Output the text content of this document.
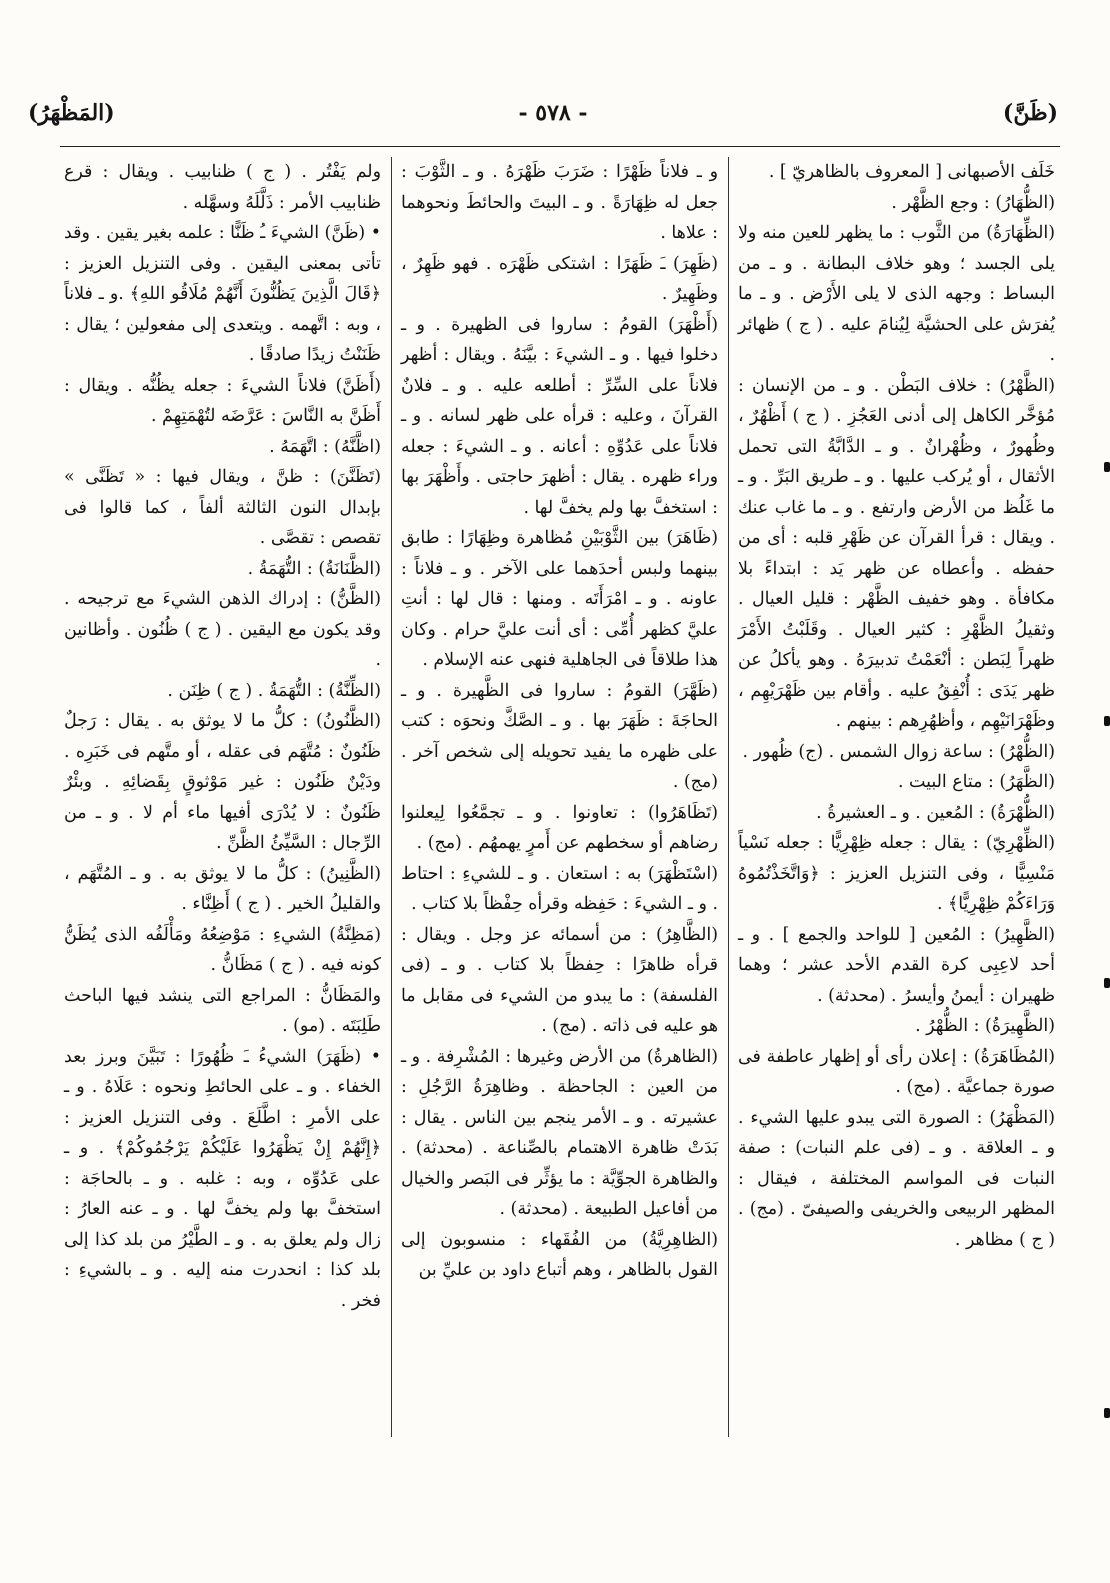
(ظَنَّ)
- ٥٧٨ -
(المَظْهَرُ)

ولم يَفْتُر . ( ج ) ظنابيب . ويقال : قرع ظنابيب الأمر : ذَلَّلَهُ وسهَّله .

• (ظَنَّ) الشيءَ ـُ ظَنًّا : علمه بغير يقين . وقد تأتى بمعنى اليقين . وفى التنزيل العزيز : ﴿قَالَ الَّذِينَ يَظُنُّونَ أَنَّهُمْ مُلَاقُو اللهِ﴾ .و ـ فلاناً ، وبه : اتَّهمه . ويتعدى إلى مفعولين ؛ يقال : ظَنَنْتُ زيدًا صادقًا .

(أَظَنَّ) فلاناً الشيءَ : جعله يظُنُّه . ويقال : أَظَنَّ به النَّاسَ : عَرَّضَه لتُهْمَتِهِمْ .

(اظَّنَّهُ) : اتَّهَمَهُ .

(تَظَنَّنَ) : ظنَّ ، ويقال فيها : « تَظَنَّى » بإبدال النون الثالثة ألفاً ، كما قالوا فى تقصص : تقصَّى .

(الظَّنَانَةُ) : التُّهَمَةُ .

(الظَّنُّ) : إدراك الذهن الشيءَ مع ترجيحه . وقد يكون مع اليقين . ( ج ) ظُنُون . وأظانين .

(الظِّنَّةُ) : التُّهَمَةُ . ( ج ) ظِنَن .

(الظَّنُونُ) : كلُّ ما لا يوثق به . يقال : رَجلٌ ظَنُونٌ : مُتَّهَم فى عقله ، أو متَّهم فى خَبَرِه . ودَيْنٌ ظَنُون : غير مَوْثوقٍ بِقَضائِهِ . وبئْرٌ ظَنُونٌ : لا يُدْرَى أفيها ماء أم لا . و ـ من الرِّجال : السَّيِّئُ الظَّنِّ .

(الظَّنِينُ) : كلُّ ما لا يوثق به . و ـ المُتَّهَم ، والقليلُ الخير . ( ج ) أَظِنَّاء .

(مَظِنَّةُ) الشيءِ : مَوْضِعُهُ ومَأْلَفُه الذى يُظَنُّ كونه فيه . ( ج ) مَظَانُّ .

والمَظَانُّ : المراجع التى ينشد فيها الباحث طَلِبَتَه . (مو) .

• (ظَهَرَ) الشيءُ ـَ ظُهُورًا : تَبَيَّنَ وبرز بعد الخفاء . و ـ على الحائطِ ونحوه : عَلَاهُ . و ـ على الأمرِ : اطَّلَعَ . وفى التنزيل العزيز : ﴿إِنَّهُمْ إِنْ يَظْهَرُوا عَلَيْكُمْ يَرْجُمُوكُمْ﴾ . و ـ على عَدُوِّه ، وبه : غلبه . و ـ بالحاجَة : استخفَّ بها ولم يخفَّ لها . و ـ عنه العارُ : زال ولم يعلق به . و ـ الطَّيْرُ من بلد كذا إلى بلد كذا : انحدرت منه إليه . و ـ بالشيءِ : فخر .

و ـ فلاناً ظَهْرًا : ضَرَبَ ظَهْرَهُ . و ـ الثَّوْبَ : جعل له ظِهَارَةً . و ـ البيتَ والحائطَ ونحوهما : علاها .

(ظَهِرَ) ـَ ظَهَرًا : اشتكى ظَهْرَه . فهو ظَهِرٌ ، وظَهِيرٌ .

(أَظْهَرَ) القومُ : ساروا فى الظهيرة . و ـ دخلوا فيها . و ـ الشيءَ : بيَّنَهُ . ويقال : أظهر فلاناً على السِّرِّ : أطلعه عليه . و ـ فلانٌ القرآنَ ، وعليه : قرأه على ظهر لسانه . و ـ فلاناً على عَدُوِّهِ : أعانه . و ـ الشيءَ : جعله وراء ظهره . يقال : أظهرَ حاجتى . وأَظْهَرَ بها : استخفَّ بها ولم يخفَّ لها .

(ظَاهَرَ) بين الثَّوْبَيْنِ مُظاهرة وظِهَارًا : طابق بينهما ولبس أحدَهما على الآخر . و ـ فلاناً : عاونه . و ـ امْرَأَتَه . ومنها : قال لها : أنتِ عليَّ كظهر أُمِّى : أى أنت عليَّ حرام . وكان هذا طلاقاً فى الجاهلية فنهى عنه الإسلام .

(ظَهَّرَ) القومُ : ساروا فى الظَّهيرة . و ـ الحاجَةَ : ظَهَرَ بها . و ـ الصَّكَّ ونحوَه : كتب على ظهره ما يفيد تحويله إلى شخص آخر . (مج) .

(تَظَاهَرُوا) : تعاونوا . و ـ تجمَّعُوا لِيعلنوا رضاهم أو سخطهم عن أَمرٍ يهمهُم . (مج) .

(اسْتَظْهَرَ) به : استعان . و ـ للشيءِ : احتاط . و ـ الشيءَ : حَفِظه وقرأه حِفْظاً بلا كتاب .

(الظَّاهِرُ) : من أسمائه عز وجل . ويقال : قرأه ظاهرًا : حِفظاً بلا كتاب . و ـ (فى الفلسفة) : ما يبدو من الشيء فى مقابل ما هو عليه فى ذاته . (مج) .

(الظاهرةُ) من الأرض وغيرها : المُشْرِفة . و ـ من العين : الجاحظة . وظاهِرَةُ الرَّجُلِ : عشيرته . و ـ الأمر ينجم بين الناس . يقال : بَدَتْ ظاهرة الاهتمام بالصِّناعة . (محدثة) . والظاهرة الجوِّيَّة : ما يؤثِّر فى البَصر والخيال من أفاعيل الطبيعة . (محدثة) .

(الظاهِرِيَّةُ) من الفُقَهاء : منسوبون إلى القول بالظاهر ، وهم أتباع داود بن عليِّ بن

خَلَف الأصبهانى [ المعروف بالظاهريّ ] .

(الظُّهَارُ) : وجع الظَّهْر .

(الظِّهَارَةُ) من الثَّوب : ما يظهر للعين منه ولا يلى الجسد ؛ وهو خلاف البطانة . و ـ من البساط : وجهه الذى لا يلى الأَرْض . و ـ ما يُفرَش على الحشيَّة لِيُنامَ عليه . ( ج ) ظهائر .

(الظَّهْرُ) : خلاف البَطْن . و ـ من الإنسان : مُؤخَّر الكاهل إلى أدنى العَجُزِ . ( ج ) أَظْهُرٌ ، وظُهورٌ ، وظُهْرانٌ . و ـ الدَّابَّةُ التى تحمل الأثقال ، أو يُركب عليها . و ـ طريق البَرِّ . و ـ ما غَلُظ من الأرض وارتفع . و ـ ما غاب عنك . ويقال : قرأ القرآن عن ظَهْرِ قلبه : أى من حفظه . وأعطاه عن ظهر يَد : ابتداءً بلا مكافأة . وهو خفيف الظَّهْر : قليل العيال . وثقيلُ الظَّهْرِ : كثير العيال . وقَلَبْتُ الأَمْرَ ظهراً لِبَطن : أنْعَمْتُ تدبيرَهُ . وهو يأكلُ عن ظهر يَدَى : أُنْفِقُ عليه . وأقام بين ظَهْرَيْهِم ، وظَهْرَانَيْهِم ، وأظهُرِهم : بينهم .

(الظُّهْرُ) : ساعة زوال الشمس . (ج) ظُهور .

(الظَّهَرُ) : متاع البيت .

(الظُّهْرَةُ) : المُعين . و ـ العشيرةُ .

(الظِّهْرِيّ) : يقال : جعله ظِهْرِيًّا : جعله نَسْياً مَنْسِيًّا ، وفى التنزيل العزيز : ﴿وَاتَّخَذْتُمُوهُ وَرَاءَكُمْ ظِهْرِيًّا﴾ .

(الظَّهِيرُ) : المُعين [ للواحد والجمع ] . و ـ أحد لاعِبِى كرة القدم الأحد عشر ؛ وهما ظهيران : أيمنُ وأيسرُ . (محدثة) .

(الظَّهِيرَةُ) : الظُّهْرُ .

(المُظَاهَرَةُ) : إعلان رأى أو إظهار عاطفة فى صورة جماعيَّة . (مج) .

(المَظْهَرُ) : الصورة التى يبدو عليها الشيء . و ـ العلاقة . و ـ (فى علم النبات) : صفة النبات فى المواسم المختلفة ، فيقال : المظهر الربيعى والخريفى والصيفىّ . (مج) . ( ج ) مظاهر .
